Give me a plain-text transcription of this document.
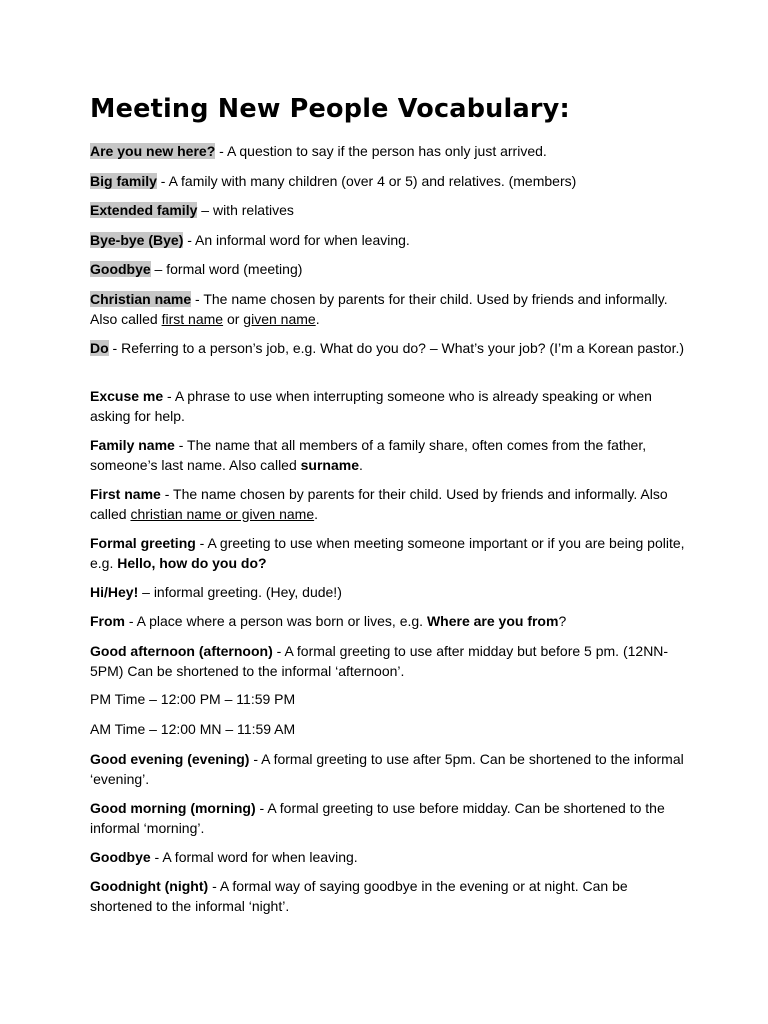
Meeting New People Vocabulary:

Are you new here? - A question to say if the person has only just arrived.

Big family - A family with many children (over 4 or 5) and relatives. (members)

Extended family – with relatives

Bye-bye (Bye) - An informal word for when leaving.

Goodbye – formal word (meeting)

Christian name - The name chosen by parents for their child. Used by friends and informally. Also called first name or given name.

Do - Referring to a person’s job, e.g. What do you do? – What’s your job? (I’m a Korean pastor.)

Excuse me - A phrase to use when interrupting someone who is already speaking or when asking for help.

Family name - The name that all members of a family share, often comes from the father, someone’s last name. Also called surname.

First name - The name chosen by parents for their child. Used by friends and informally. Also called christian name or given name.

Formal greeting - A greeting to use when meeting someone important or if you are being polite, e.g. Hello, how do you do?

Hi/Hey! – informal greeting. (Hey, dude!)

From - A place where a person was born or lives, e.g. Where are you from?

Good afternoon (afternoon) - A formal greeting to use after midday but before 5 pm. (12NN-5PM) Can be shortened to the informal ‘afternoon’.

PM Time – 12:00 PM – 11:59 PM

AM Time – 12:00 MN – 11:59 AM

Good evening (evening) - A formal greeting to use after 5pm. Can be shortened to the informal ‘evening’.

Good morning (morning) - A formal greeting to use before midday. Can be shortened to the informal ‘morning’.

Goodbye - A formal word for when leaving.

Goodnight (night) - A formal way of saying goodbye in the evening or at night. Can be shortened to the informal ‘night’.
